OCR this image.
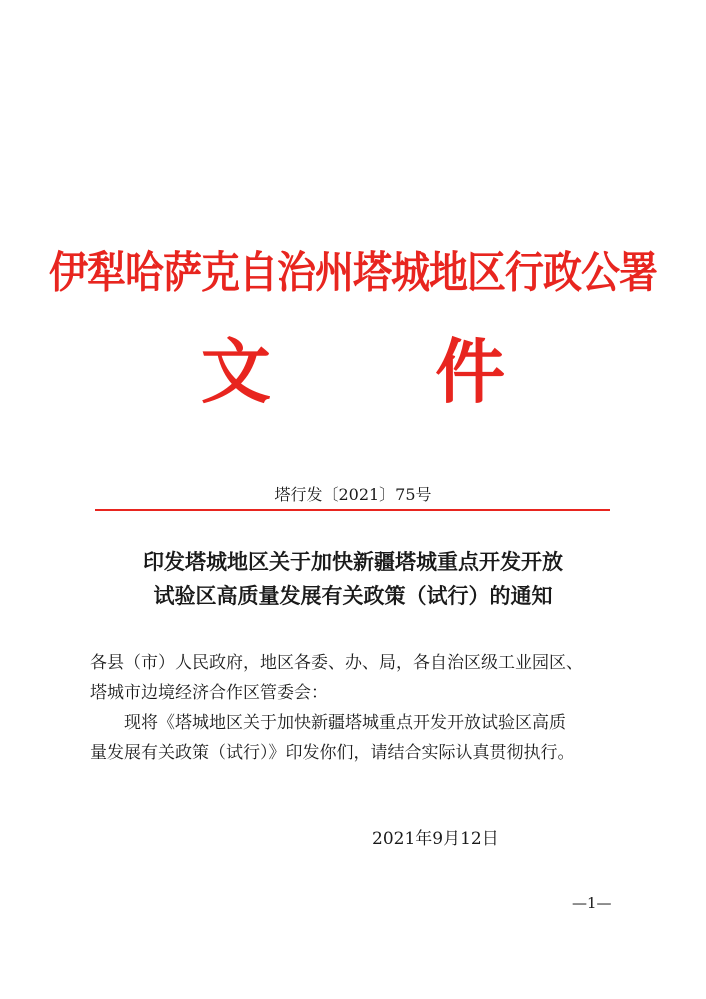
伊犁哈萨克自治州塔城地区行政公署
文 件
塔行发〔2021〕75号
印发塔城地区关于加快新疆塔城重点开发开放
试验区高质量发展有关政策（试行）的通知
各县（市）人民政府，地区各委、办、局，各自治区级工业园区、
塔城市边境经济合作区管委会：
现将《塔城地区关于加快新疆塔城重点开发开放试验区高质
量发展有关政策（试行）》印发你们，请结合实际认真贯彻执行。
2021年9月12日
—1—
